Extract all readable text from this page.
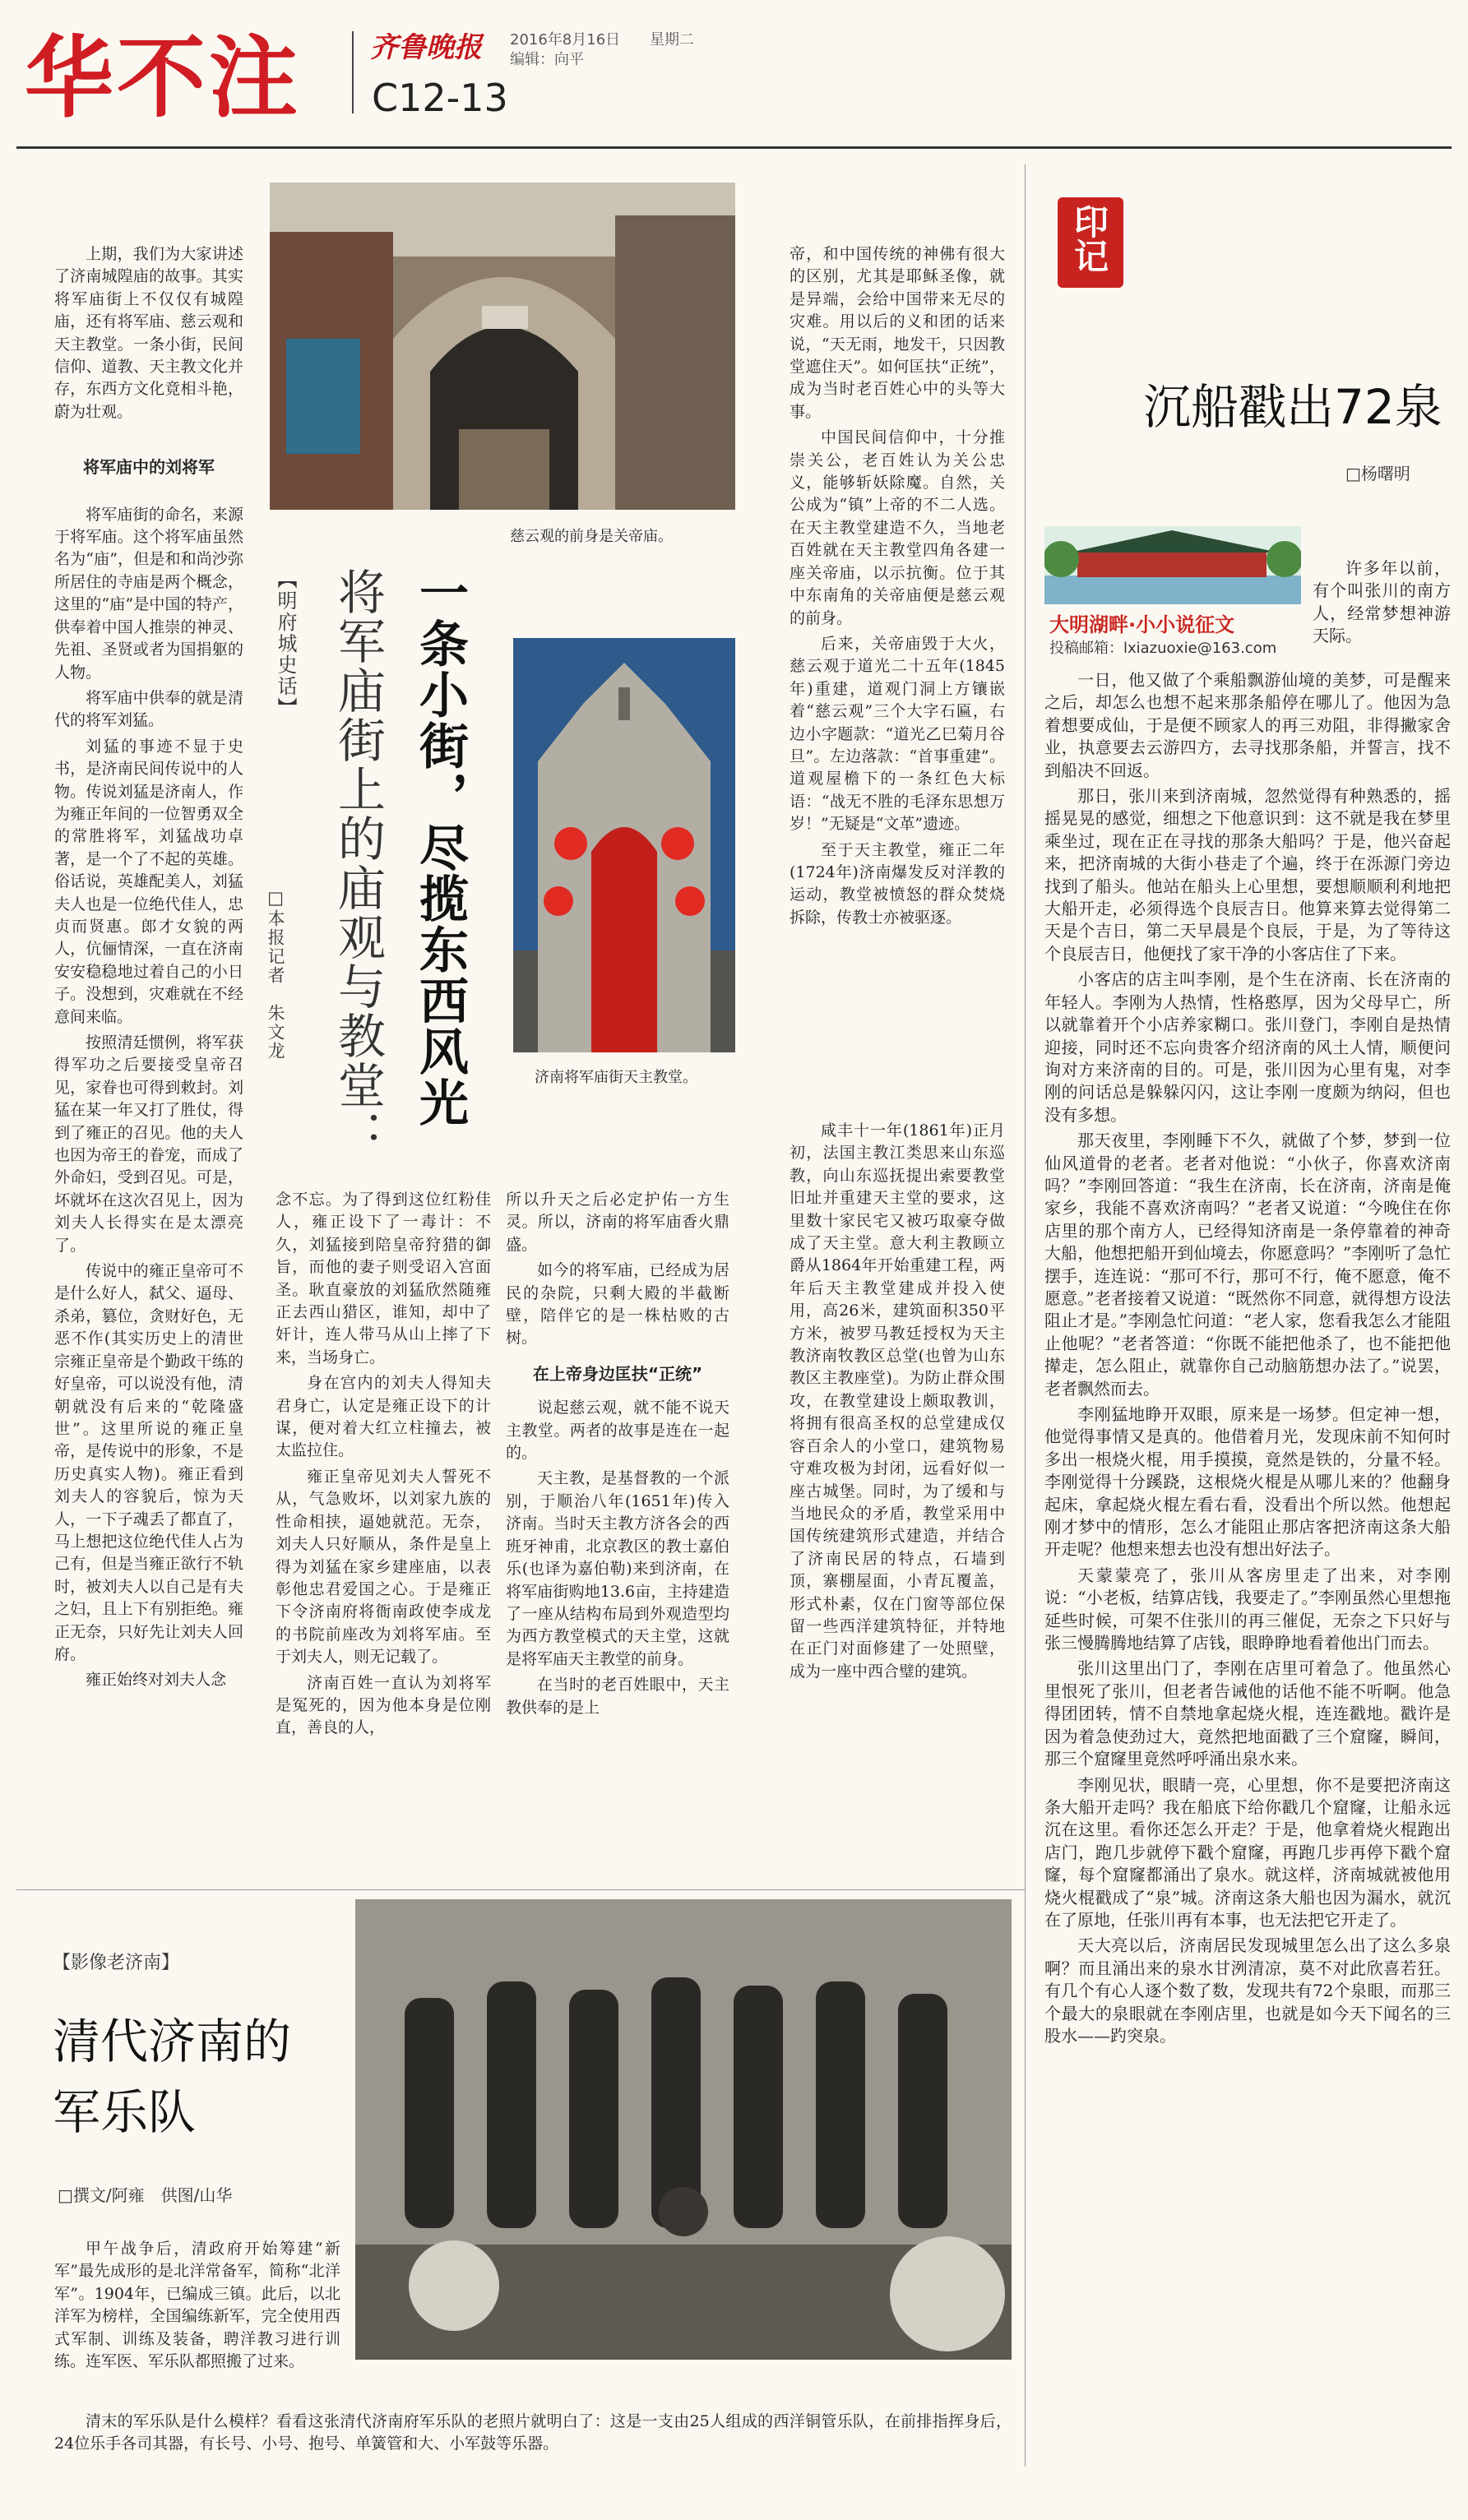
华不注 齐鲁晚报 2016年8月16日 星期二
编辑：向平
C12-13
慈云观的前身是关帝庙。
【明府城史话】 一条小街，尽揽东西风光
将军庙街上的庙观与教堂：
□本报记者　朱文龙
济南将军庙街天主教堂。

上期，我们为大家讲述了济南城隍庙的故事。其实将军庙街上不仅仅有城隍庙，还有将军庙、慈云观和天主教堂。一条小街，民间信仰、道教、天主教文化并存，东西方文化竟相斗艳，蔚为壮观。

将军庙中的刘将军

将军庙街的命名，来源于将军庙。这个将军庙虽然名为“庙”，但是和和尚沙弥所居住的寺庙是两个概念，这里的“庙”是中国的特产，供奉着中国人推崇的神灵、先祖、圣贤或者为国捐躯的人物。

将军庙中供奉的就是清代的将军刘猛。

刘猛的事迹不显于史书，是济南民间传说中的人物。传说刘猛是济南人，作为雍正年间的一位智勇双全的常胜将军，刘猛战功卓著，是一个了不起的英雄。俗话说，英雄配美人，刘猛夫人也是一位绝代佳人，忠贞而贤惠。郎才女貌的两人，伉俪情深，一直在济南安安稳稳地过着自己的小日子。没想到，灾难就在不经意间来临。

按照清廷惯例，将军获得军功之后要接受皇帝召见，家眷也可得到敕封。刘猛在某一年又打了胜仗，得到了雍正的召见。他的夫人也因为帝王的眷宠，而成了外命妇，受到召见。可是，坏就坏在这次召见上，因为刘夫人长得实在是太漂亮了。

传说中的雍正皇帝可不是什么好人，弑父、逼母、杀弟，篡位，贪财好色，无恶不作(其实历史上的清世宗雍正皇帝是个勤政干练的好皇帝，可以说没有他，清朝就没有后来的“乾隆盛世”。这里所说的雍正皇帝，是传说中的形象，不是历史真实人物)。雍正看到刘夫人的容貌后，惊为天人，一下子魂丢了都直了，马上想把这位绝代佳人占为己有，但是当雍正欲行不轨时，被刘夫人以自己是有夫之妇，且上下有别拒绝。雍正无奈，只好先让刘夫人回府。

雍正始终对刘夫人念

念不忘。为了得到这位红粉佳人，雍正设下了一毒计：不久，刘猛接到陪皇帝狩猎的御旨，而他的妻子则受诏入宫面圣。耿直豪放的刘猛欣然随雍正去西山猎区，谁知，却中了奸计，连人带马从山上摔了下来，当场身亡。

身在宫内的刘夫人得知夫君身亡，认定是雍正设下的计谋，便对着大红立柱撞去，被太监拉住。

雍正皇帝见刘夫人誓死不从，气急败坏，以刘家九族的性命相挟，逼她就范。无奈，刘夫人只好顺从，条件是皇上得为刘猛在家乡建座庙，以表彰他忠君爱国之心。于是雍正下令济南府将衙南政使李成龙的书院前座改为刘将军庙。至于刘夫人，则无记载了。

济南百姓一直认为刘将军是冤死的，因为他本身是位刚直，善良的人，

所以升天之后必定护佑一方生灵。所以，济南的将军庙香火鼎盛。

如今的将军庙，已经成为居民的杂院，只剩大殿的半截断壁，陪伴它的是一株枯败的古树。

在上帝身边匡扶“正统”

说起慈云观，就不能不说天主教堂。两者的故事是连在一起的。

天主教，是基督教的一个派别，于顺治八年(1651年)传入济南。当时天主教方济各会的西班牙神甫，北京教区的教士嘉伯乐(也译为嘉伯勒)来到济南，在将军庙街购地13.6亩，主持建造了一座从结构布局到外观造型均为西方教堂模式的天主堂，这就是将军庙天主教堂的前身。

在当时的老百姓眼中，天主教供奉的是上

帝，和中国传统的神佛有很大的区别，尤其是耶稣圣像，就是异端，会给中国带来无尽的灾难。用以后的义和团的话来说，“天无雨，地发干，只因教堂遮住天”。如何匡扶“正统”，成为当时老百姓心中的头等大事。

中国民间信仰中，十分推崇关公，老百姓认为关公忠义，能够斩妖除魔。自然，关公成为“镇”上帝的不二人选。在天主教堂建造不久，当地老百姓就在天主教堂四角各建一座关帝庙，以示抗衡。位于其中东南角的关帝庙便是慈云观的前身。

后来，关帝庙毁于大火，慈云观于道光二十五年(1845年)重建，道观门洞上方镶嵌着“慈云观”三个大字石匾，右边小字题款：“道光乙巳菊月谷旦”。左边落款：“首事重建”。道观屋檐下的一条红色大标语：“战无不胜的毛泽东思想万岁！”无疑是“文革”遗迹。

至于天主教堂，雍正二年(1724年)济南爆发反对洋教的运动，教堂被愤怒的群众焚烧拆除，传教士亦被驱逐。

咸丰十一年(1861年)正月初，法国主教江类思来山东巡教，向山东巡抚提出索要教堂旧址并重建天主堂的要求，这里数十家民宅又被巧取豪夺做成了天主堂。意大利主教顾立爵从1864年开始重建工程，两年后天主教堂建成并投入使用，高26米，建筑面积350平方米，被罗马教廷授权为天主教济南牧教区总堂(也曾为山东教区主教座堂)。为防止群众围攻，在教堂建设上颇取教训，将拥有很高圣权的总堂建成仅容百余人的小堂口，建筑物易守难攻极为封闭，远看好似一座古城堡。同时，为了缓和与当地民众的矛盾，教堂采用中国传统建筑形式建造，并结合了济南民居的特点，石墙到顶，寨棚屋面，小青瓦覆盖，形式朴素，仅在门窗等部位保留一些西洋建筑特征，并特地在正门对面修建了一处照壁，成为一座中西合璧的建筑。

印记
沉船戳出72泉
□杨曙明
大明湖畔·小小说征文
投稿邮箱：lxiazuoxie@163.com

许多年以前，有个叫张川的南方人，经常梦想神游天际。

一日，他又做了个乘船飘游仙境的美梦，可是醒来之后，却怎么也想不起来那条船停在哪儿了。他因为急着想要成仙，于是便不顾家人的再三劝阻，非得撇家舍业，执意要去云游四方，去寻找那条船，并誓言，找不到船决不回返。

那日，张川来到济南城，忽然觉得有种熟悉的，摇摇晃晃的感觉，细想之下他意识到：这不就是我在梦里乘坐过，现在正在寻找的那条大船吗？于是，他兴奋起来，把济南城的大街小巷走了个遍，终于在泺源门旁边找到了船头。他站在船头上心里想，要想顺顺利利地把大船开走，必须得选个良辰吉日。他算来算去觉得第二天是个吉日，第二天早晨是个良辰，于是，为了等待这个良辰吉日，他便找了家干净的小客店住了下来。

小客店的店主叫李刚，是个生在济南、长在济南的年轻人。李刚为人热情，性格憨厚，因为父母早亡，所以就靠着开个小店养家糊口。张川登门，李刚自是热情迎接，同时还不忘向贵客介绍济南的风土人情，顺便问询对方来济南的目的。可是，张川因为心里有鬼，对李刚的问话总是躲躲闪闪，这让李刚一度颇为纳闷，但也没有多想。

那天夜里，李刚睡下不久，就做了个梦，梦到一位仙风道骨的老者。老者对他说：“小伙子，你喜欢济南吗？”李刚回答道：“我生在济南，长在济南，济南是俺家乡，我能不喜欢济南吗？”老者又说道：“今晚住在你店里的那个南方人，已经得知济南是一条停靠着的神奇大船，他想把船开到仙境去，你愿意吗？”李刚听了急忙摆手，连连说：“那可不行，那可不行，俺不愿意，俺不愿意。”老者接着又说道：“既然你不同意，就得想方设法阻止才是。”李刚急忙问道：“老人家，您看我怎么才能阻止他呢？”老者答道：“你既不能把他杀了，也不能把他撵走，怎么阻止，就靠你自己动脑筋想办法了。”说罢，老者飘然而去。

李刚猛地睁开双眼，原来是一场梦。但定神一想，他觉得事情又是真的。他借着月光，发现床前不知何时多出一根烧火棍，用手摸摸，竟然是铁的，分量不轻。李刚觉得十分蹊跷，这根烧火棍是从哪儿来的？他翻身起床，拿起烧火棍左看右看，没看出个所以然。他想起刚才梦中的情形，怎么才能阻止那店客把济南这条大船开走呢？他想来想去也没有想出好法子。

天蒙蒙亮了，张川从客房里走了出来，对李刚说：“小老板，结算店钱，我要走了。”李刚虽然心里想拖延些时候，可架不住张川的再三催促，无奈之下只好与张三慢腾腾地结算了店钱，眼睁睁地看着他出门而去。

张川这里出门了，李刚在店里可着急了。他虽然心里恨死了张川，但老者告诫他的话他不能不听啊。他急得团团转，情不自禁地拿起烧火棍，连连戳地。戳许是因为着急使劲过大，竟然把地面戳了三个窟窿，瞬间，那三个窟窿里竟然呼呼涌出泉水来。

李刚见状，眼睛一亮，心里想，你不是要把济南这条大船开走吗？我在船底下给你戳几个窟窿，让船永远沉在这里。看你还怎么开走？于是，他拿着烧火棍跑出店门，跑几步就停下戳个窟窿，再跑几步再停下戳个窟窿，每个窟窿都涌出了泉水。就这样，济南城就被他用烧火棍戳成了“泉”城。济南这条大船也因为漏水，就沉在了原地，任张川再有本事，也无法把它开走了。

天大亮以后，济南居民发现城里怎么出了这么多泉啊？而且涌出来的泉水甘洌清凉，莫不对此欣喜若狂。有几个有心人逐个数了数，发现共有72个泉眼，而那三个最大的泉眼就在李刚店里，也就是如今天下闻名的三股水——趵突泉。

【影像老济南】
清代济南的
军乐队
□撰文/阿雍　供图/山华

甲午战争后，清政府开始筹建“新军”最先成形的是北洋常备军，简称“北洋军”。1904年，已编成三镇。此后，以北洋军为榜样，全国编练新军，完全使用西式军制、训练及装备，聘洋教习进行训练。连军医、军乐队都照搬了过来。

清末的军乐队是什么模样？看看这张清代济南府军乐队的老照片就明白了：这是一支由25人组成的西洋铜管乐队，在前排指挥身后，24位乐手各司其器，有长号、小号、抱号、单簧管和大、小军鼓等乐器。
